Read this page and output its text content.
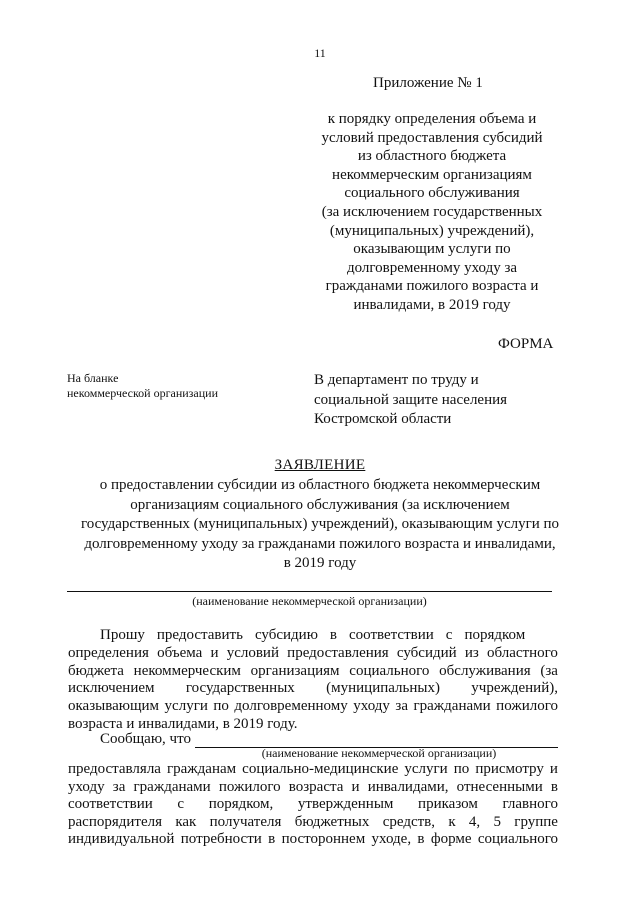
11
Приложение № 1
к порядку определения объема и
условий предоставления субсидий
из областного бюджета
некоммерческим организациям
социального обслуживания
(за исключением государственных
(муниципальных) учреждений),
оказывающим услуги по
долговременному уходу за
гражданами пожилого возраста и
инвалидами, в 2019 году
ФОРМА
На бланке
некоммерческой организации
В департамент по труду и
социальной защите населения
Костромской области
ЗАЯВЛЕНИЕ
о предоставлении субсидии из областного бюджета некоммерческим
организациям социального обслуживания (за исключением
государственных (муниципальных) учреждений), оказывающим услуги по
долговременному уходу за гражданами пожилого возраста и инвалидами,
в 2019 году
(наименование некоммерческой организации)
Прошу предоставить субсидию в соответствии с порядком
определения объема и условий предоставления субсидий из областного
бюджета некоммерческим организациям социального обслуживания (за
исключением государственных (муниципальных) учреждений),
оказывающим услуги по долговременному уходу за гражданами пожилого
возраста и инвалидами, в 2019 году.
Сообщаю, что
(наименование некоммерческой организации)
предоставляла гражданам социально-медицинские услуги по присмотру и
уходу за гражданами пожилого возраста и инвалидами, отнесенными в
соответствии с порядком, утвержденным приказом главного
распорядителя как получателя бюджетных средств, к 4, 5 группе
индивидуальной потребности в постороннем уходе, в форме социального
